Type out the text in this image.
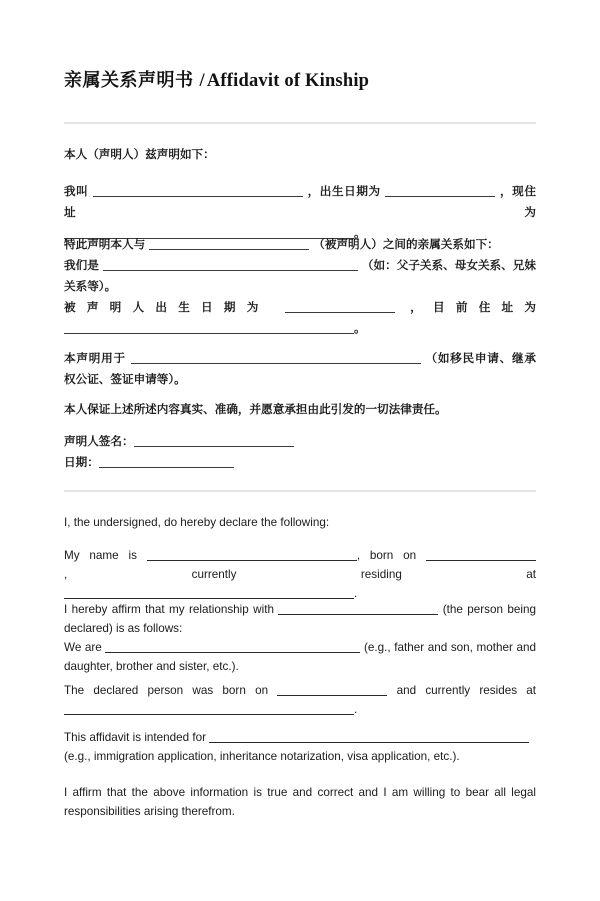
亲属关系声明书 / Affidavit of Kinship

本人（声明人）兹声明如下：

我叫	，出生日期为	，现住址为

。

特此声明本人与	（被声明人）之间的亲属关系如下：

我们是	（如：父子关系、母女关系、兄妹关系等）。

被声明人出生日期为	，目前住址为

。

本声明用于	（如移民申请、继承权公证、签证申请等）。

本人保证上述所述内容真实、准确，并愿意承担由此引发的一切法律责任。

声明人签名：

日期：

I, the undersigned, do hereby declare the following:

My name is	, born on , currently residing at

.

I hereby affirm that my relationship with	(the person being declared) is as follows:

We are	(e.g., father and son, mother and daughter, brother and sister, etc.).

The declared person was born on	and currently resides at

.

This affidavit is intended for

(e.g., immigration application, inheritance notarization, visa application, etc.).

I affirm that the above information is true and correct and I am willing to bear all legal responsibilities arising therefrom.
